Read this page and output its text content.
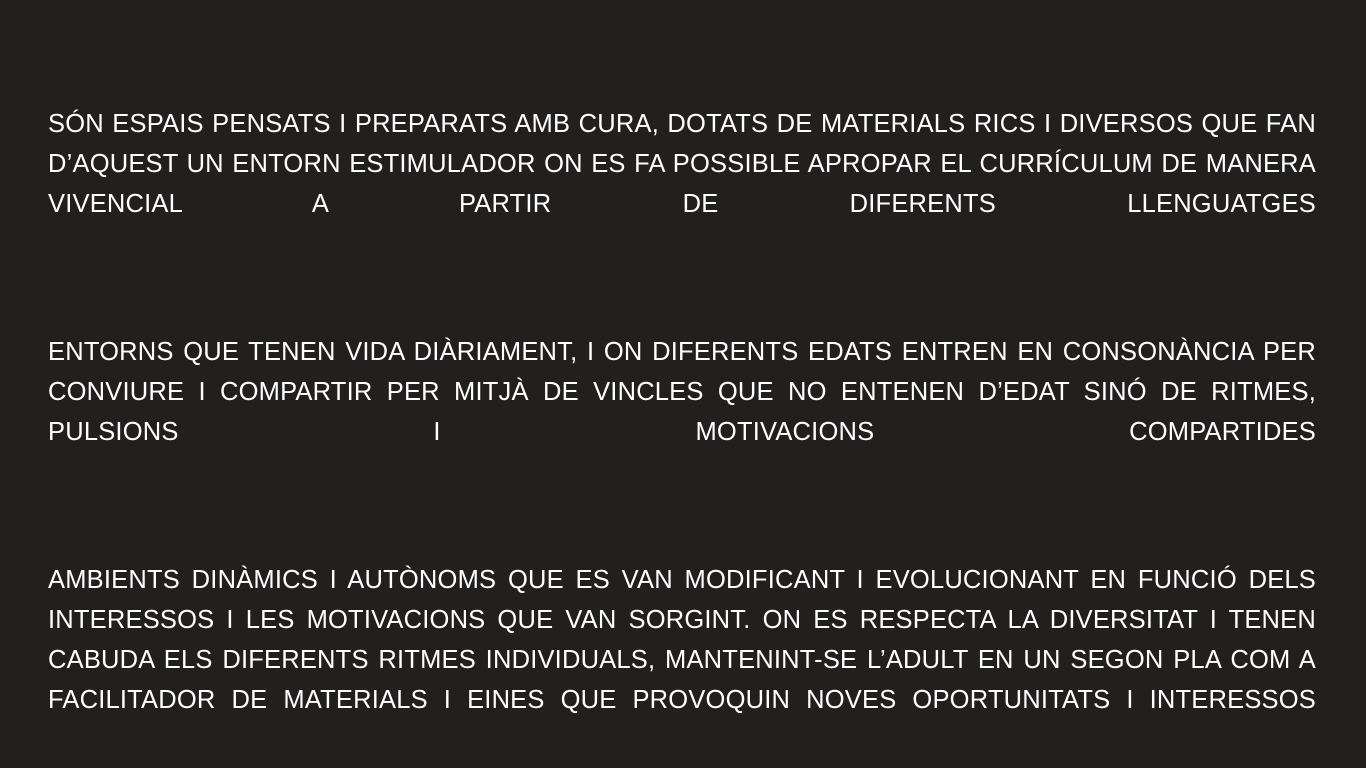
SÓN ESPAIS PENSATS I PREPARATS AMB CURA, DOTATS DE MATERIALS RICS I DIVERSOS QUE FAN D’AQUEST UN ENTORN ESTIMULADOR ON ES FA POSSIBLE APROPAR EL CURRÍCULUM DE MANERA VIVENCIAL A PARTIR DE DIFERENTS LLENGUATGES

ENTORNS QUE TENEN VIDA DIÀRIAMENT, I ON DIFERENTS EDATS ENTREN EN CONSONÀNCIA PER CONVIURE I COMPARTIR PER MITJÀ DE VINCLES QUE NO ENTENEN D’EDAT SINÓ DE RITMES, PULSIONS I MOTIVACIONS COMPARTIDES

AMBIENTS DINÀMICS I AUTÒNOMS QUE ES VAN MODIFICANT I EVOLUCIONANT EN FUNCIÓ DELS INTERESSOS I LES MOTIVACIONS QUE VAN SORGINT. ON ES RESPECTA LA DIVERSITAT I TENEN CABUDA ELS DIFERENTS RITMES INDIVIDUALS, MANTENINT-SE L’ADULT EN UN SEGON PLA COM A FACILITADOR DE MATERIALS I EINES QUE PROVOQUIN NOVES OPORTUNITATS I INTERESSOS
